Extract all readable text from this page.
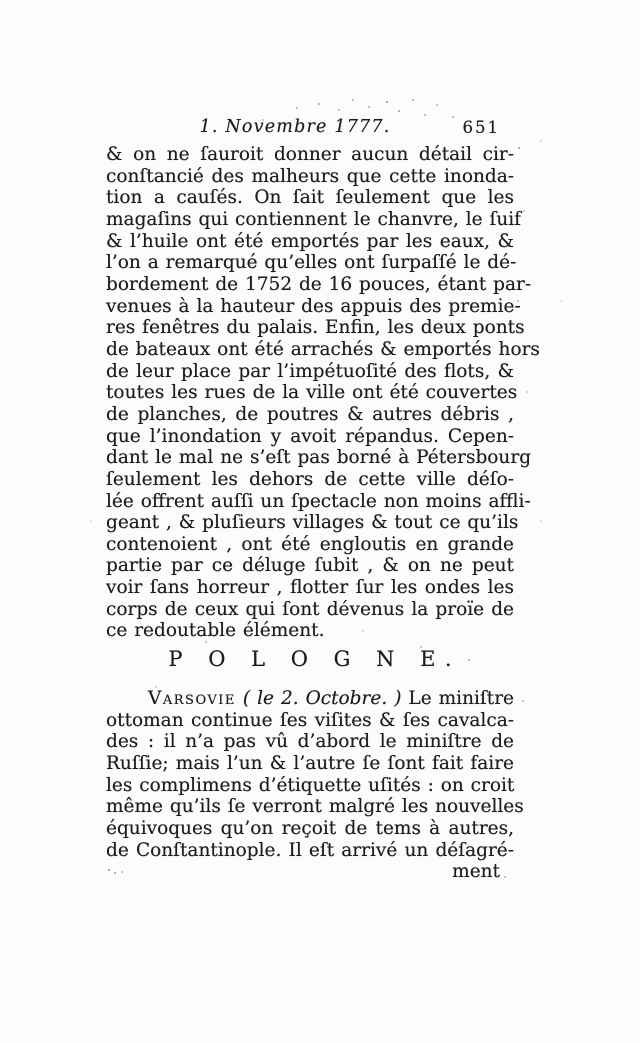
1. Novembre 1777.	651
& on ne ſauroit donner aucun détail cir-
conſtancié des malheurs que cette inonda-
tion a cauſés. On ſait ſeulement que les
magaſins qui contiennent le chanvre, le ſuif
& l’huile ont été emportés par les eaux, &
l’on a remarqué qu’elles ont ſurpaſſé le dé-
bordement de 1752 de 16 pouces, étant par-
venues à la hauteur des appuis des premie-
res fenêtres du palais. Enfin, les deux ponts
de bateaux ont été arrachés & emportés hors
de leur place par l’impétuoſité des flots, &
toutes les rues de la ville ont été couvertes
de planches, de poutres & autres débris ,
que l’inondation y avoit répandus. Cepen-
dant le mal ne s’eſt pas borné à Pétersbourg
ſeulement les dehors de cette ville déſo-
lée offrent auſſi un ſpectacle non moins affli-
geant , & pluſieurs villages & tout ce qu’ils
contenoient , ont été engloutis en grande
partie par ce déluge ſubit , & on ne peut
voir ſans horreur , flotter ſur les ondes les
corps de ceux qui ſont dévenus la proïe de
ce redoutable élément.
P O L O G N E.
Varsovie ( le 2. Octobre. ) Le miniſtre
ottoman continue ſes viſites & ſes cavalca-
des : il n’a pas vû d’abord le miniſtre de
Ruſſie; mais l’un & l’autre ſe ſont fait faire
les complimens d’étiquette uſités : on croit
même qu’ils ſe verront malgré les nouvelles
équivoques qu’on reçoit de tems à autres,
de Conſtantinople. Il eſt arrivé un déſagré-
ment
